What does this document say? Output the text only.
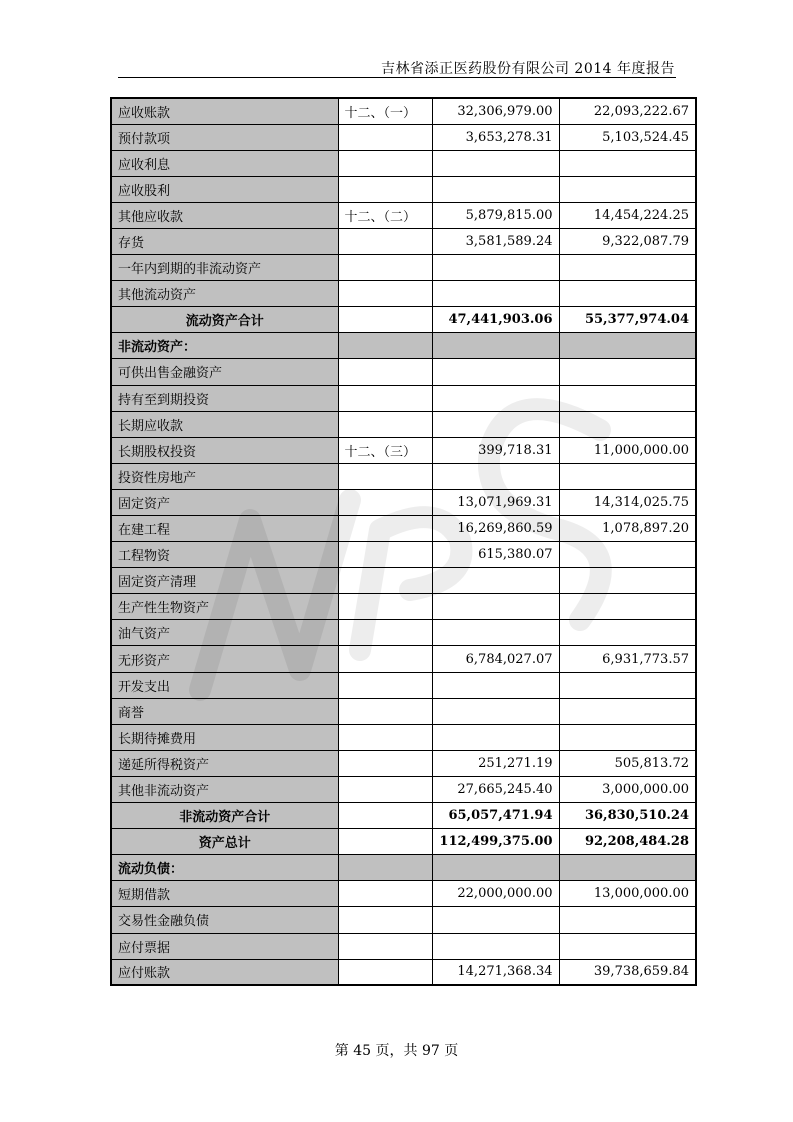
吉林省添正医药股份有限公司 2014 年度报告
应收账款	十二、（一）	32,306,979.00	22,093,222.67
预付款项		3,653,278.31	5,103,524.45
应收利息			
应收股利			
其他应收款	十二、（二）	5,879,815.00	14,454,224.25
存货		3,581,589.24	9,322,087.79
一年内到期的非流动资产			
其他流动资产			
流动资产合计		47,441,903.06	55,377,974.04
非流动资产：			
可供出售金融资产			
持有至到期投资			
长期应收款			
长期股权投资	十二、（三）	399,718.31	11,000,000.00
投资性房地产			
固定资产		13,071,969.31	14,314,025.75
在建工程		16,269,860.59	1,078,897.20
工程物资		615,380.07	
固定资产清理			
生产性生物资产			
油气资产			
无形资产		6,784,027.07	6,931,773.57
开发支出			
商誉			
长期待摊费用			
递延所得税资产		251,271.19	505,813.72
其他非流动资产		27,665,245.40	3,000,000.00
非流动资产合计		65,057,471.94	36,830,510.24
资产总计		112,499,375.00	92,208,484.28
流动负债：			
短期借款		22,000,000.00	13,000,000.00
交易性金融负债			
应付票据			
应付账款		14,271,368.34	39,738,659.84
第 45 页，共 97 页
